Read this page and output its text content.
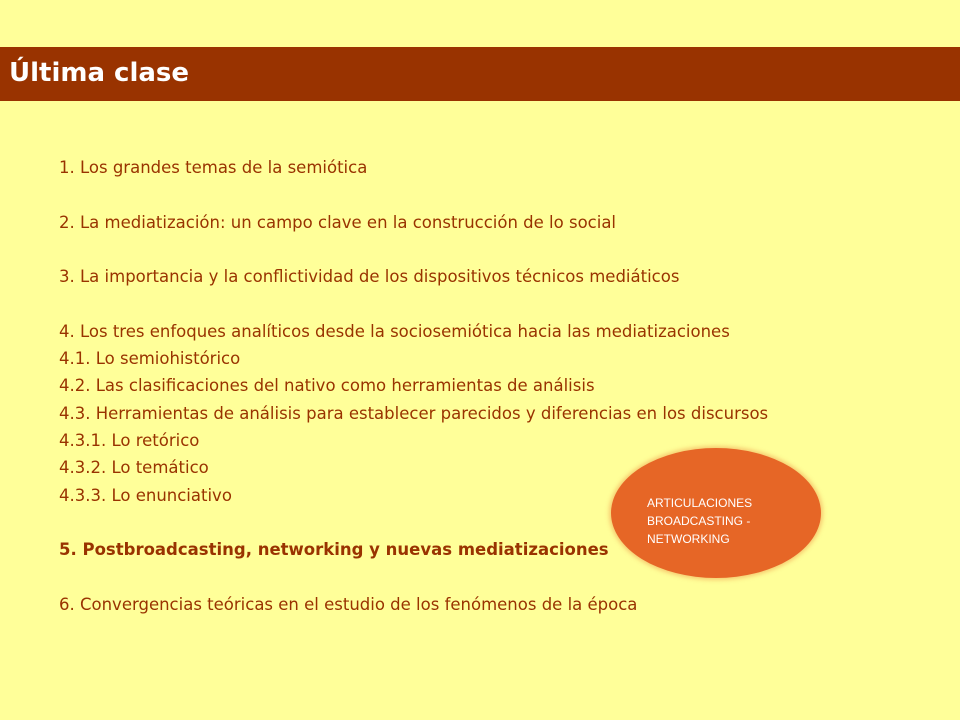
Última clase
1. Los grandes temas de la semiótica
2. La mediatización: un campo clave en la construcción de lo social
3. La importancia y la conflictividad de los dispositivos técnicos mediáticos
4. Los tres enfoques analíticos desde la sociosemiótica hacia las mediatizaciones
4.1. Lo semiohistórico
4.2. Las clasificaciones del nativo como herramientas de análisis
4.3. Herramientas de análisis para establecer parecidos y diferencias en los discursos
4.3.1. Lo retórico
4.3.2. Lo temático
4.3.3. Lo enunciativo
5. Postbroadcasting, networking y nuevas mediatizaciones
6. Convergencias teóricas en el estudio de los fenómenos de la época
ARTICULACIONES
BROADCASTING -
NETWORKING
